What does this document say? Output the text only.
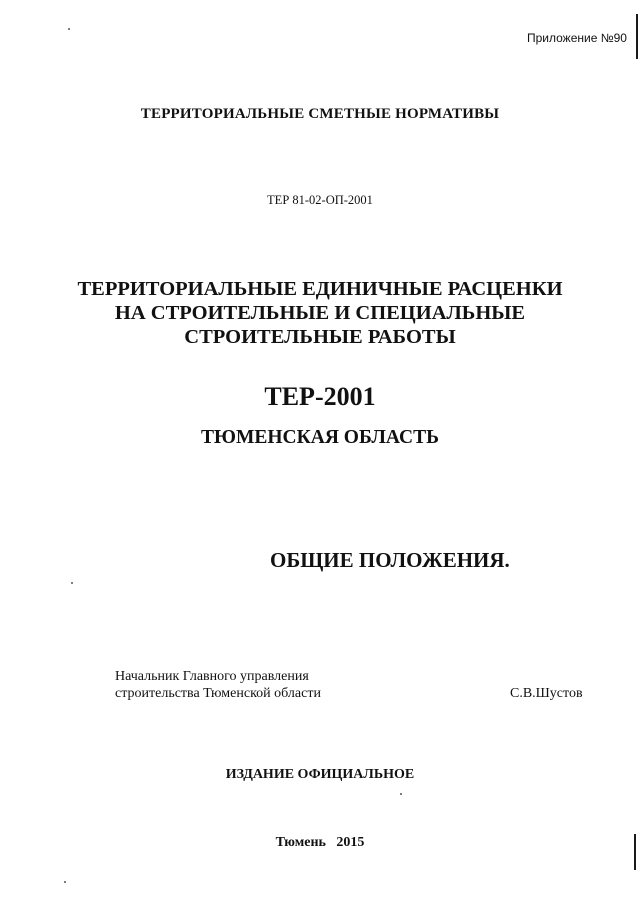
Приложение №90
ТЕРРИТОРИАЛЬНЫЕ СМЕТНЫЕ НОРМАТИВЫ
ТЕР 81-02-ОП-2001
ТЕРРИТОРИАЛЬНЫЕ ЕДИНИЧНЫЕ РАСЦЕНКИ
НА СТРОИТЕЛЬНЫЕ И СПЕЦИАЛЬНЫЕ
СТРОИТЕЛЬНЫЕ РАБОТЫ
ТЕР-2001
ТЮМЕНСКАЯ ОБЛАСТЬ
ОБЩИЕ ПОЛОЖЕНИЯ.
Начальник Главного управления
строительства Тюменской области	С.В.Шустов
ИЗДАНИЕ ОФИЦИАЛЬНОЕ
Тюмень   2015
